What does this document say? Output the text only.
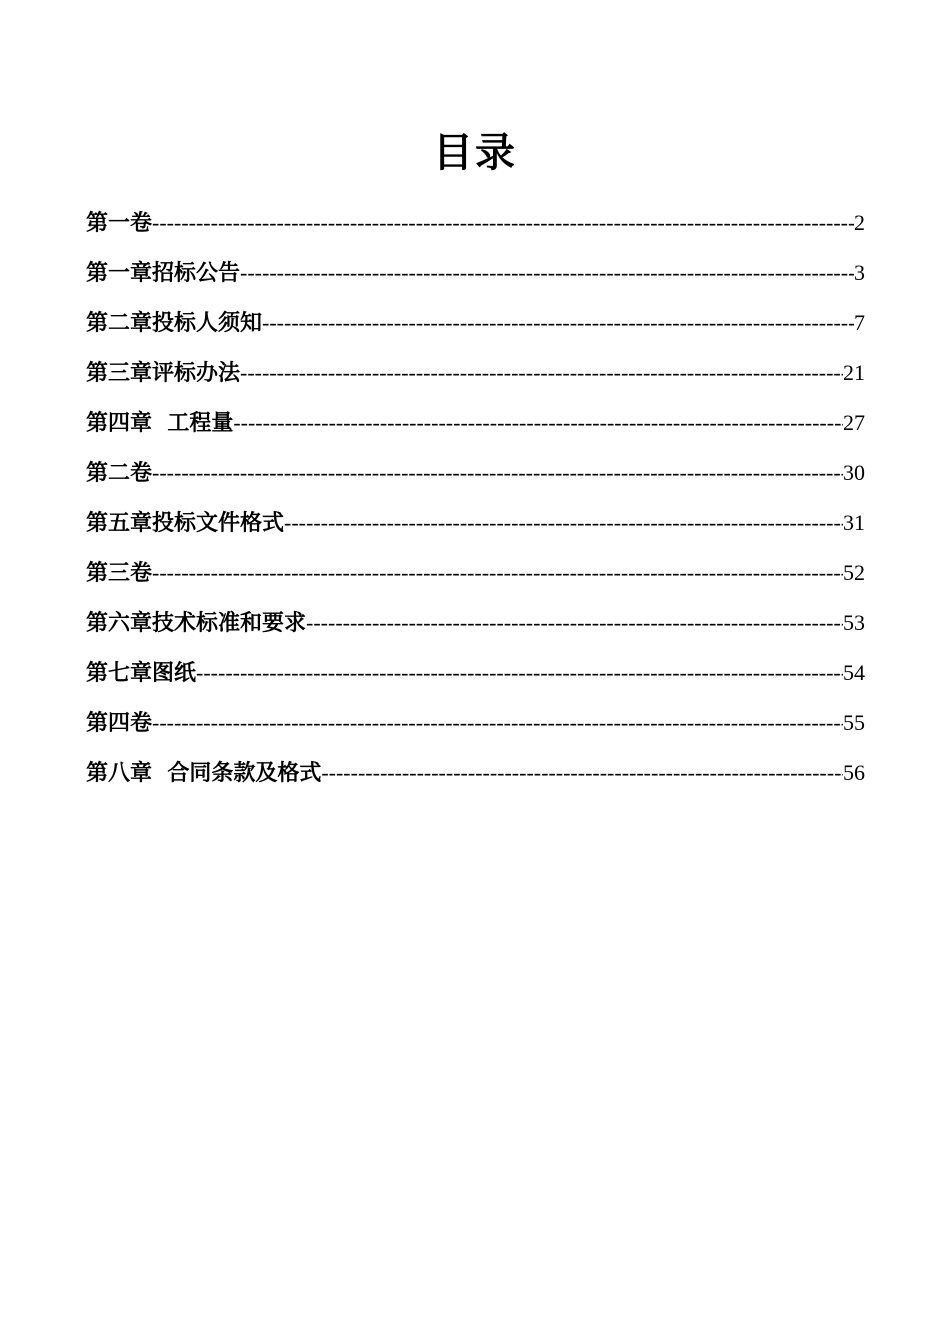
目录
第一卷 -----	2
第一章招标公告 -----	3
第二章投标人须知 -----	7
第三章评标办法 -----	21
第四章  工程量 -----	27
第二卷 -----	30
第五章投标文件格式 -----	31
第三卷 -----	52
第六章技术标准和要求 -----	53
第七章图纸 -----	54
第四卷 -----	55
第八章  合同条款及格式 -----	56
